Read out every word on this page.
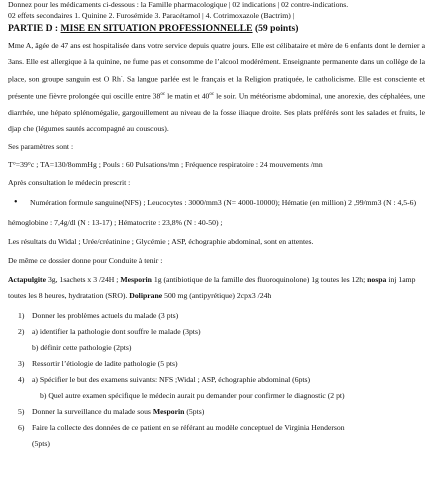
Donnez pour les médicaments ci-dessous : la Famille pharmacologique | 02 indications | 02 contre-indications.
02 effets secondaires 1. Quinine 2. Furosémide 3. Paracétamol | 4. Cotrimoxazole (Bactrim) |
PARTIE D : MISE EN SITUATION PROFESSIONNELLE (59 points)

Mme A, âgée de 47 ans est hospitalisée dans votre service depuis quatre jours. Elle est célibataire et mère de 6 enfants dont le dernier a 3ans. Elle est allergique à la quinine, ne fume pas et consomme de l’alcool modérément. Enseignante permanente dans un collège de la place, son groupe sanguin est O Rh-. Sa langue parlée est le français et la Religion pratiquée, le catholicisme. Elle est consciente et présente une fièvre prolongée qui oscille entre $38^{oc}$ le matin et $40^{oc}$ le soir. Un météorisme abdominal, une anorexie, des céphalées, une diarrhée, une hépato splénomégalie, gargouillement au niveau de la fosse iliaque droite. Ses plats préférés sont les salades et fruits, le djap che (légumes sautés accompagné au couscous).

Ses paramètres sont :

T°=39°c ; TA=130/8ommHg ; Pouls : 60 Pulsations/mn ; Fréquence respiratoire : 24 mouvements /mn

Après consultation le médecin prescrit :

•	Numération formule sanguine(NFS) ; Leucocytes : 3000/mm3 (N= 4000-10000); Hématie (en million) 2 ,99/mm3 (N : 4,5-6)

hémoglobine : 7,4g/dl (N : 13-17) ; Hématocrite : 23,8% (N : 40-50) ;

Les résultats du Widal ; Urée/créatinine ; Glycémie ; ASP, échographie abdominal, sont en attentes.

De même ce dossier donne pour Conduite à tenir :

Actapulgite 3g, 1sachets x 3 /24H ; Mesporin 1g (antibiotique de la famille des fluoroquinolone) 1g toutes les 12h; nospa inj 1amp toutes les 8 heures, hydratation (SRO). Doliprane 500 mg (antipyrétique) 2cpx3 /24h

1) Donner les problèmes actuels du malade (3 pts)
2) a) identifier la pathologie dont souffre le malade (3pts)
b) définir cette pathologie (2pts)
3) Ressortir l’étiologie de ladite pathologie (5 pts)
4) a) Spécifier le but des examens suivants: NFS ;Widal ; ASP, échographie abdominal (6pts)
b) Quel autre examen spécifique le médecin aurait pu demander pour confirmer le diagnostic (2 pt)
5) Donner la surveillance du malade sous Mesporin (5pts)
6) Faire la collecte des données de ce patient en se référant au modèle conceptuel de Virginia Henderson
(5pts)
